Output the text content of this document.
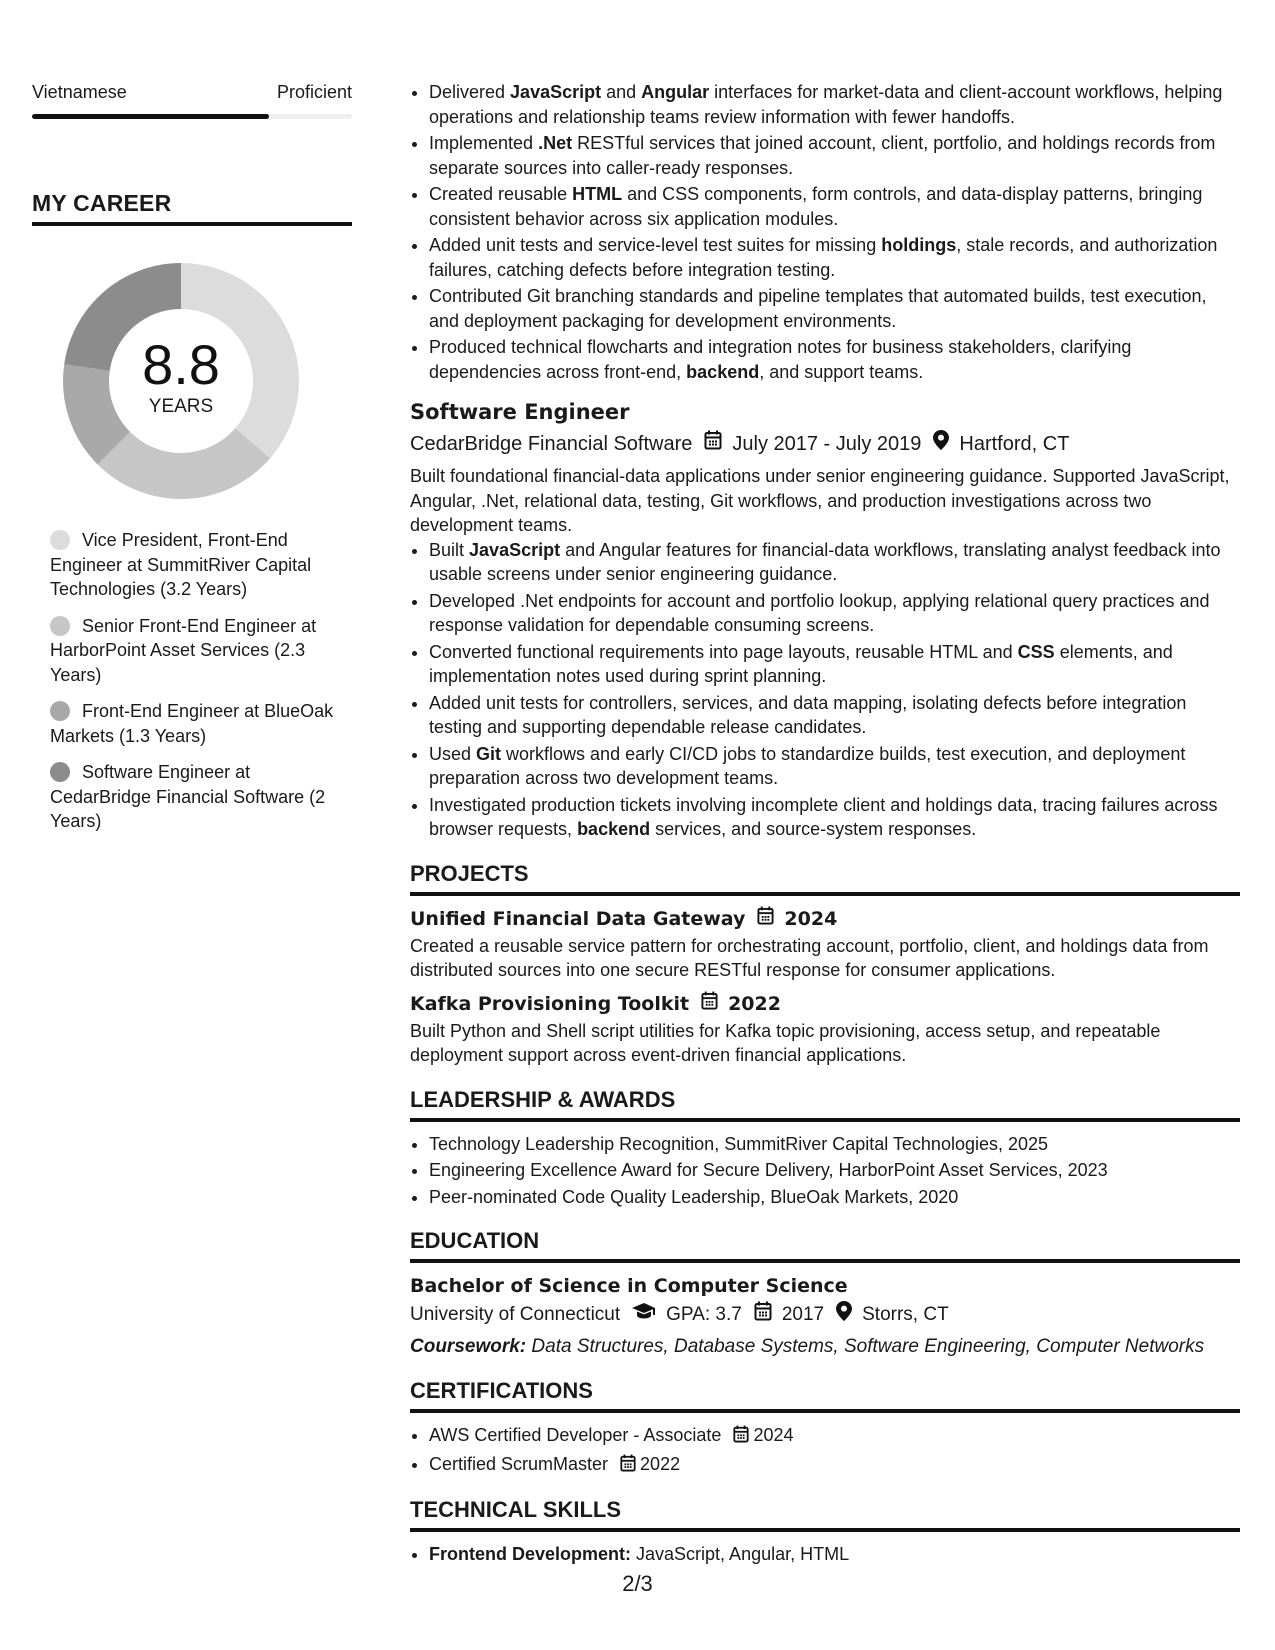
Vietnamese	Proficient
MY CAREER
8.8
YEARS
Vice President, Front-End Engineer at SummitRiver Capital Technologies (3.2 Years)
Senior Front-End Engineer at HarborPoint Asset Services (2.3 Years)
Front-End Engineer at BlueOak Markets (1.3 Years)
Software Engineer at CedarBridge Financial Software (2 Years)
• Delivered JavaScript and Angular interfaces for market-data and client-account workflows, helping operations and relationship teams review information with fewer handoffs.
• Implemented .Net RESTful services that joined account, client, portfolio, and holdings records from separate sources into caller-ready responses.
• Created reusable HTML and CSS components, form controls, and data-display patterns, bringing consistent behavior across six application modules.
• Added unit tests and service-level test suites for missing holdings, stale records, and authorization failures, catching defects before integration testing.
• Contributed Git branching standards and pipeline templates that automated builds, test execution, and deployment packaging for development environments.
• Produced technical flowcharts and integration notes for business stakeholders, clarifying dependencies across front-end, backend, and support teams.
Software Engineer
CedarBridge Financial Software July 2017 - July 2019 Hartford, CT
Built foundational financial-data applications under senior engineering guidance. Supported JavaScript, Angular, .Net, relational data, testing, Git workflows, and production investigations across two development teams.
• Built JavaScript and Angular features for financial-data workflows, translating analyst feedback into usable screens under senior engineering guidance.
• Developed .Net endpoints for account and portfolio lookup, applying relational query practices and response validation for dependable consuming screens.
• Converted functional requirements into page layouts, reusable HTML and CSS elements, and implementation notes used during sprint planning.
• Added unit tests for controllers, services, and data mapping, isolating defects before integration testing and supporting dependable release candidates.
• Used Git workflows and early CI/CD jobs to standardize builds, test execution, and deployment preparation across two development teams.
• Investigated production tickets involving incomplete client and holdings data, tracing failures across browser requests, backend services, and source-system responses.
PROJECTS
Unified Financial Data Gateway 2024
Created a reusable service pattern for orchestrating account, portfolio, client, and holdings data from distributed sources into one secure RESTful response for consumer applications.
Kafka Provisioning Toolkit 2022
Built Python and Shell script utilities for Kafka topic provisioning, access setup, and repeatable deployment support across event-driven financial applications.
LEADERSHIP & AWARDS
• Technology Leadership Recognition, SummitRiver Capital Technologies, 2025
• Engineering Excellence Award for Secure Delivery, HarborPoint Asset Services, 2023
• Peer-nominated Code Quality Leadership, BlueOak Markets, 2020
EDUCATION
Bachelor of Science in Computer Science
University of Connecticut GPA: 3.7 2017 Storrs, CT
Coursework: Data Structures, Database Systems, Software Engineering, Computer Networks
CERTIFICATIONS
• AWS Certified Developer - Associate 2024
• Certified ScrumMaster 2022
TECHNICAL SKILLS
• Frontend Development: JavaScript, Angular, HTML
2/3
